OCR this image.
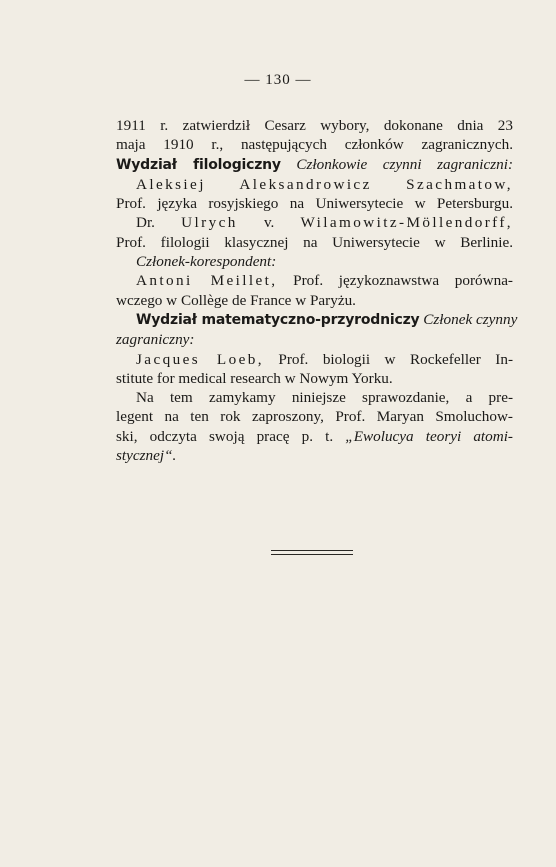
— 130 —
1911 r. zatwierdził Cesarz wybory, dokonane dnia 23
maja 1910 r., następujących członków zagranicznych.
Wydział filologiczny Członkowie czynni zagraniczni:
Aleksiej Aleksandrowicz Szachmatow,
Prof. języka rosyjskiego na Uniwersytecie w Petersburgu.
Dr. Ulrych v. Wilamowitz-Möllendorff,
Prof. filologii klasycznej na Uniwersytecie w Berlinie.
Członek-korespondent:
Antoni Meillet, Prof. językoznawstwa porówna-
wczego w Collège de France w Paryżu.
Wydział matematyczno-przyrodniczy Członek czynny
zagraniczny:
Jacques Loeb, Prof. biologii w Rockefeller In-
stitute for medical research w Nowym Yorku.
Na tem zamykamy niniejsze sprawozdanie, a pre-
legent na ten rok zaproszony, Prof. Maryan Smoluchow-
ski, odczyta swoją pracę p. t. „Ewolucya teoryi atomi-
stycznej“.
